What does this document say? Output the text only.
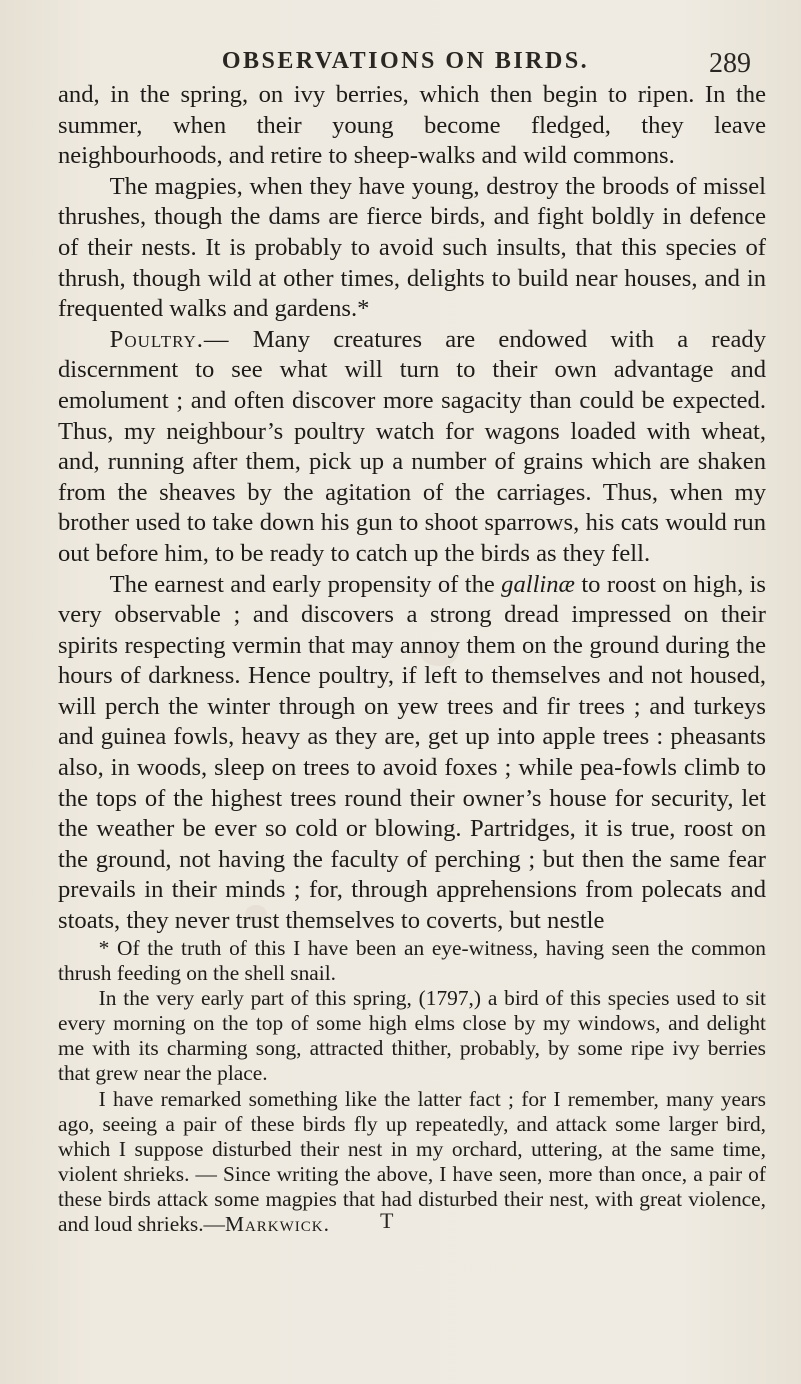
OBSERVATIONS ON BIRDS.	289

and, in the spring, on ivy berries, which then begin to ripen. In the summer, when their young become fledged, they leave neighbourhoods, and retire to sheep-walks and wild commons.

The magpies, when they have young, destroy the broods of missel thrushes, though the dams are fierce birds, and fight boldly in defence of their nests. It is probably to avoid such insults, that this species of thrush, though wild at other times, delights to build near houses, and in frequented walks and gardens.*

Poultry.— Many creatures are endowed with a ready discernment to see what will turn to their own advantage and emolument ; and often discover more sagacity than could be expected. Thus, my neighbour’s poultry watch for wagons loaded with wheat, and, running after them, pick up a number of grains which are shaken from the sheaves by the agitation of the carriages. Thus, when my brother used to take down his gun to shoot sparrows, his cats would run out before him, to be ready to catch up the birds as they fell.

The earnest and early propensity of the gallinæ to roost on high, is very observable ; and discovers a strong dread impressed on their spirits respecting vermin that may annoy them on the ground during the hours of darkness. Hence poultry, if left to themselves and not housed, will perch the winter through on yew trees and fir trees ; and turkeys and guinea fowls, heavy as they are, get up into apple trees : pheasants also, in woods, sleep on trees to avoid foxes ; while pea-fowls climb to the tops of the highest trees round their owner’s house for security, let the weather be ever so cold or blowing. Partridges, it is true, roost on the ground, not having the faculty of perching ; but then the same fear prevails in their minds ; for, through apprehensions from polecats and stoats, they never trust themselves to coverts, but nestle

* Of the truth of this I have been an eye-witness, having seen the common thrush feeding on the shell snail.

In the very early part of this spring, (1797,) a bird of this species used to sit every morning on the top of some high elms close by my windows, and delight me with its charming song, attracted thither, probably, by some ripe ivy berries that grew near the place.

I have remarked something like the latter fact ; for I remember, many years ago, seeing a pair of these birds fly up repeatedly, and attack some larger bird, which I suppose disturbed their nest in my orchard, uttering, at the same time, violent shrieks. — Since writing the above, I have seen, more than once, a pair of these birds attack some magpies that had disturbed their nest, with great violence, and loud shrieks.—Markwick.	T
